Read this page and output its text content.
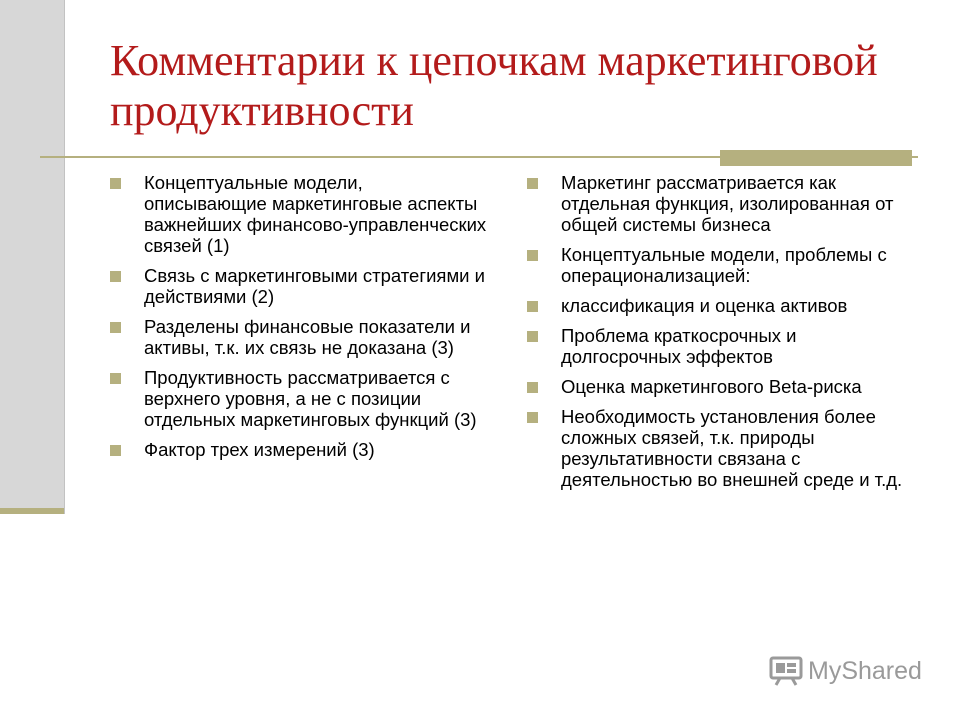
Комментарии к цепочкам маркетинговой продуктивности
Концептуальные модели, описывающие маркетинговые аспекты важнейших финансово-управленческих связей (1)
Связь с маркетинговыми стратегиями и действиями (2)
Разделены финансовые показатели и активы, т.к. их связь не доказана (3)
Продуктивность рассматривается с верхнего уровня, а не с позиции отдельных маркетинговых функций (3)
Фактор трех измерений (3)
Маркетинг рассматривается как отдельная функция, изолированная от общей системы бизнеса
Концептуальные модели, проблемы с операционализацией:
классификация и оценка активов
Проблема краткосрочных и долгосрочных эффектов
Оценка маркетингового Beta-риска
Необходимость установления более сложных связей, т.к. природы результативности связана с деятельностью во внешней среде и т.д.
MyShared
